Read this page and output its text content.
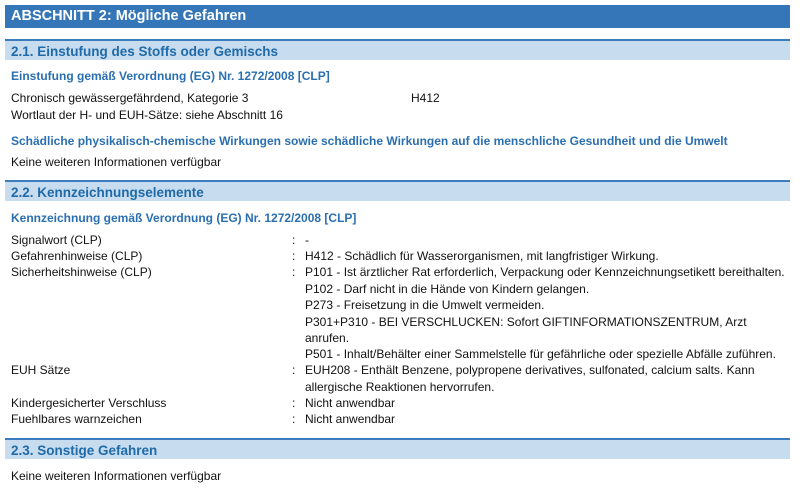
ABSCHNITT 2: Mögliche Gefahren
2.1. Einstufung des Stoffs oder Gemischs
Einstufung gemäß Verordnung (EG) Nr. 1272/2008 [CLP]
Chronisch gewässergefährdend, Kategorie 3	H412
Wortlaut der H- und EUH-Sätze: siehe Abschnitt 16
Schädliche physikalisch-chemische Wirkungen sowie schädliche Wirkungen auf die menschliche Gesundheit und die Umwelt
Keine weiteren Informationen verfügbar
2.2. Kennzeichnungselemente
Kennzeichnung gemäß Verordnung (EG) Nr. 1272/2008 [CLP]
Signalwort (CLP)	: -
Gefahrenhinweise (CLP)	: H412 - Schädlich für Wasserorganismen, mit langfristiger Wirkung.
Sicherheitshinweise (CLP)	: P101 - Ist ärztlicher Rat erforderlich, Verpackung oder Kennzeichnungsetikett bereithalten.
P102 - Darf nicht in die Hände von Kindern gelangen.
P273 - Freisetzung in die Umwelt vermeiden.
P301+P310 - BEI VERSCHLUCKEN: Sofort GIFTINFORMATIONSZENTRUM, Arzt
anrufen.
P501 - Inhalt/Behälter einer Sammelstelle für gefährliche oder spezielle Abfälle zuführen.
EUH Sätze	: EUH208 - Enthält Benzene, polypropene derivatives, sulfonated, calcium salts. Kann
allergische Reaktionen hervorrufen.
Kindergesicherter Verschluss	: Nicht anwendbar
Fuehlbares warnzeichen	: Nicht anwendbar
2.3. Sonstige Gefahren
Keine weiteren Informationen verfügbar
